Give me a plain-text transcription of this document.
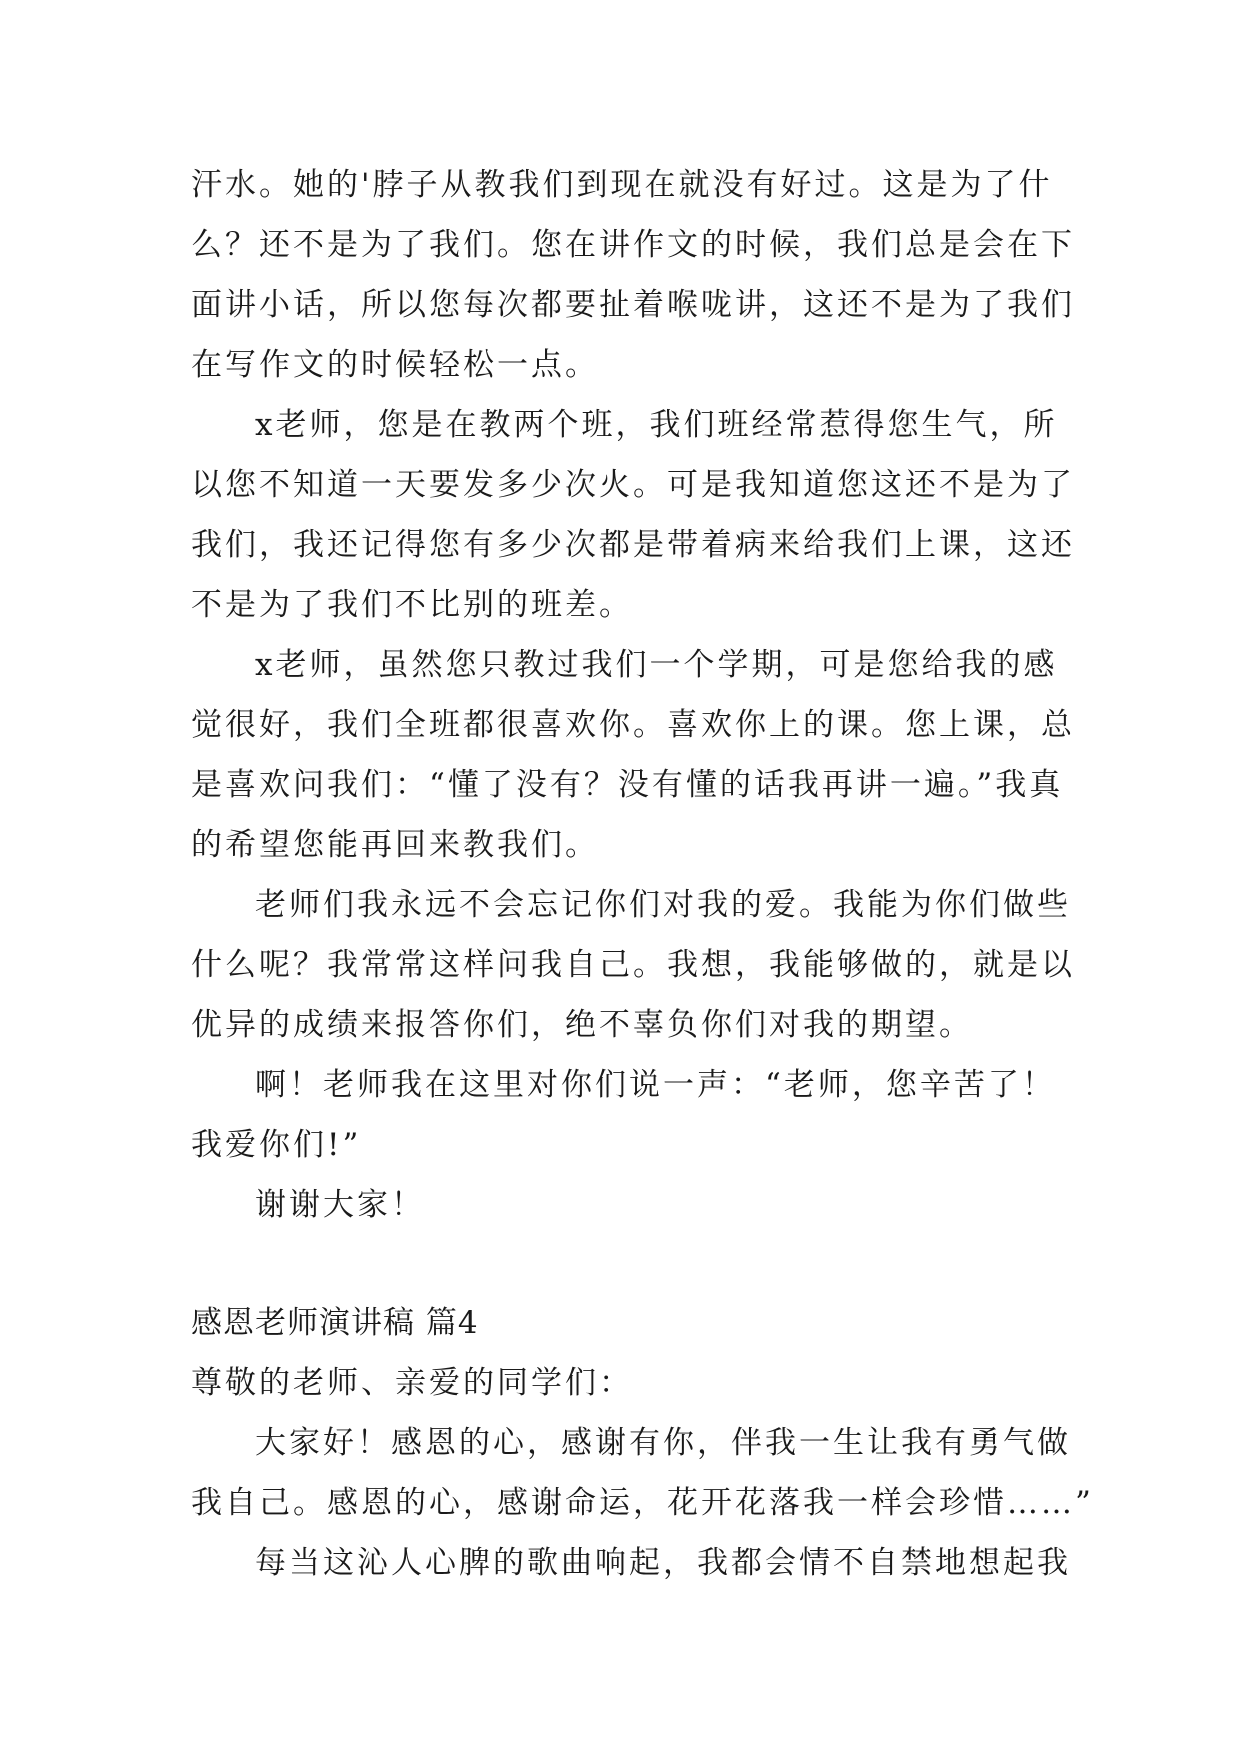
汗水。她的'脖子从教我们到现在就没有好过。这是为了什
么？还不是为了我们。您在讲作文的时候，我们总是会在下
面讲小话，所以您每次都要扯着喉咙讲，这还不是为了我们
在写作文的时候轻松一点。
x老师，您是在教两个班，我们班经常惹得您生气，所
以您不知道一天要发多少次火。可是我知道您这还不是为了
我们，我还记得您有多少次都是带着病来给我们上课，这还
不是为了我们不比别的班差。
x老师，虽然您只教过我们一个学期，可是您给我的感
觉很好，我们全班都很喜欢你。喜欢你上的课。您上课，总
是喜欢问我们：“懂了没有？没有懂的话我再讲一遍。”我真
的希望您能再回来教我们。
老师们我永远不会忘记你们对我的爱。我能为你们做些
什么呢？我常常这样问我自己。我想，我能够做的，就是以
优异的成绩来报答你们，绝不辜负你们对我的期望。
啊！老师我在这里对你们说一声：“老师，您辛苦了！
我爱你们!”
谢谢大家！
感恩老师演讲稿 篇4
尊敬的老师、亲爱的同学们：
大家好！感恩的心，感谢有你，伴我一生让我有勇气做
我自己。感恩的心，感谢命运，花开花落我一样会珍惜……”
每当这沁人心脾的歌曲响起，我都会情不自禁地想起我
